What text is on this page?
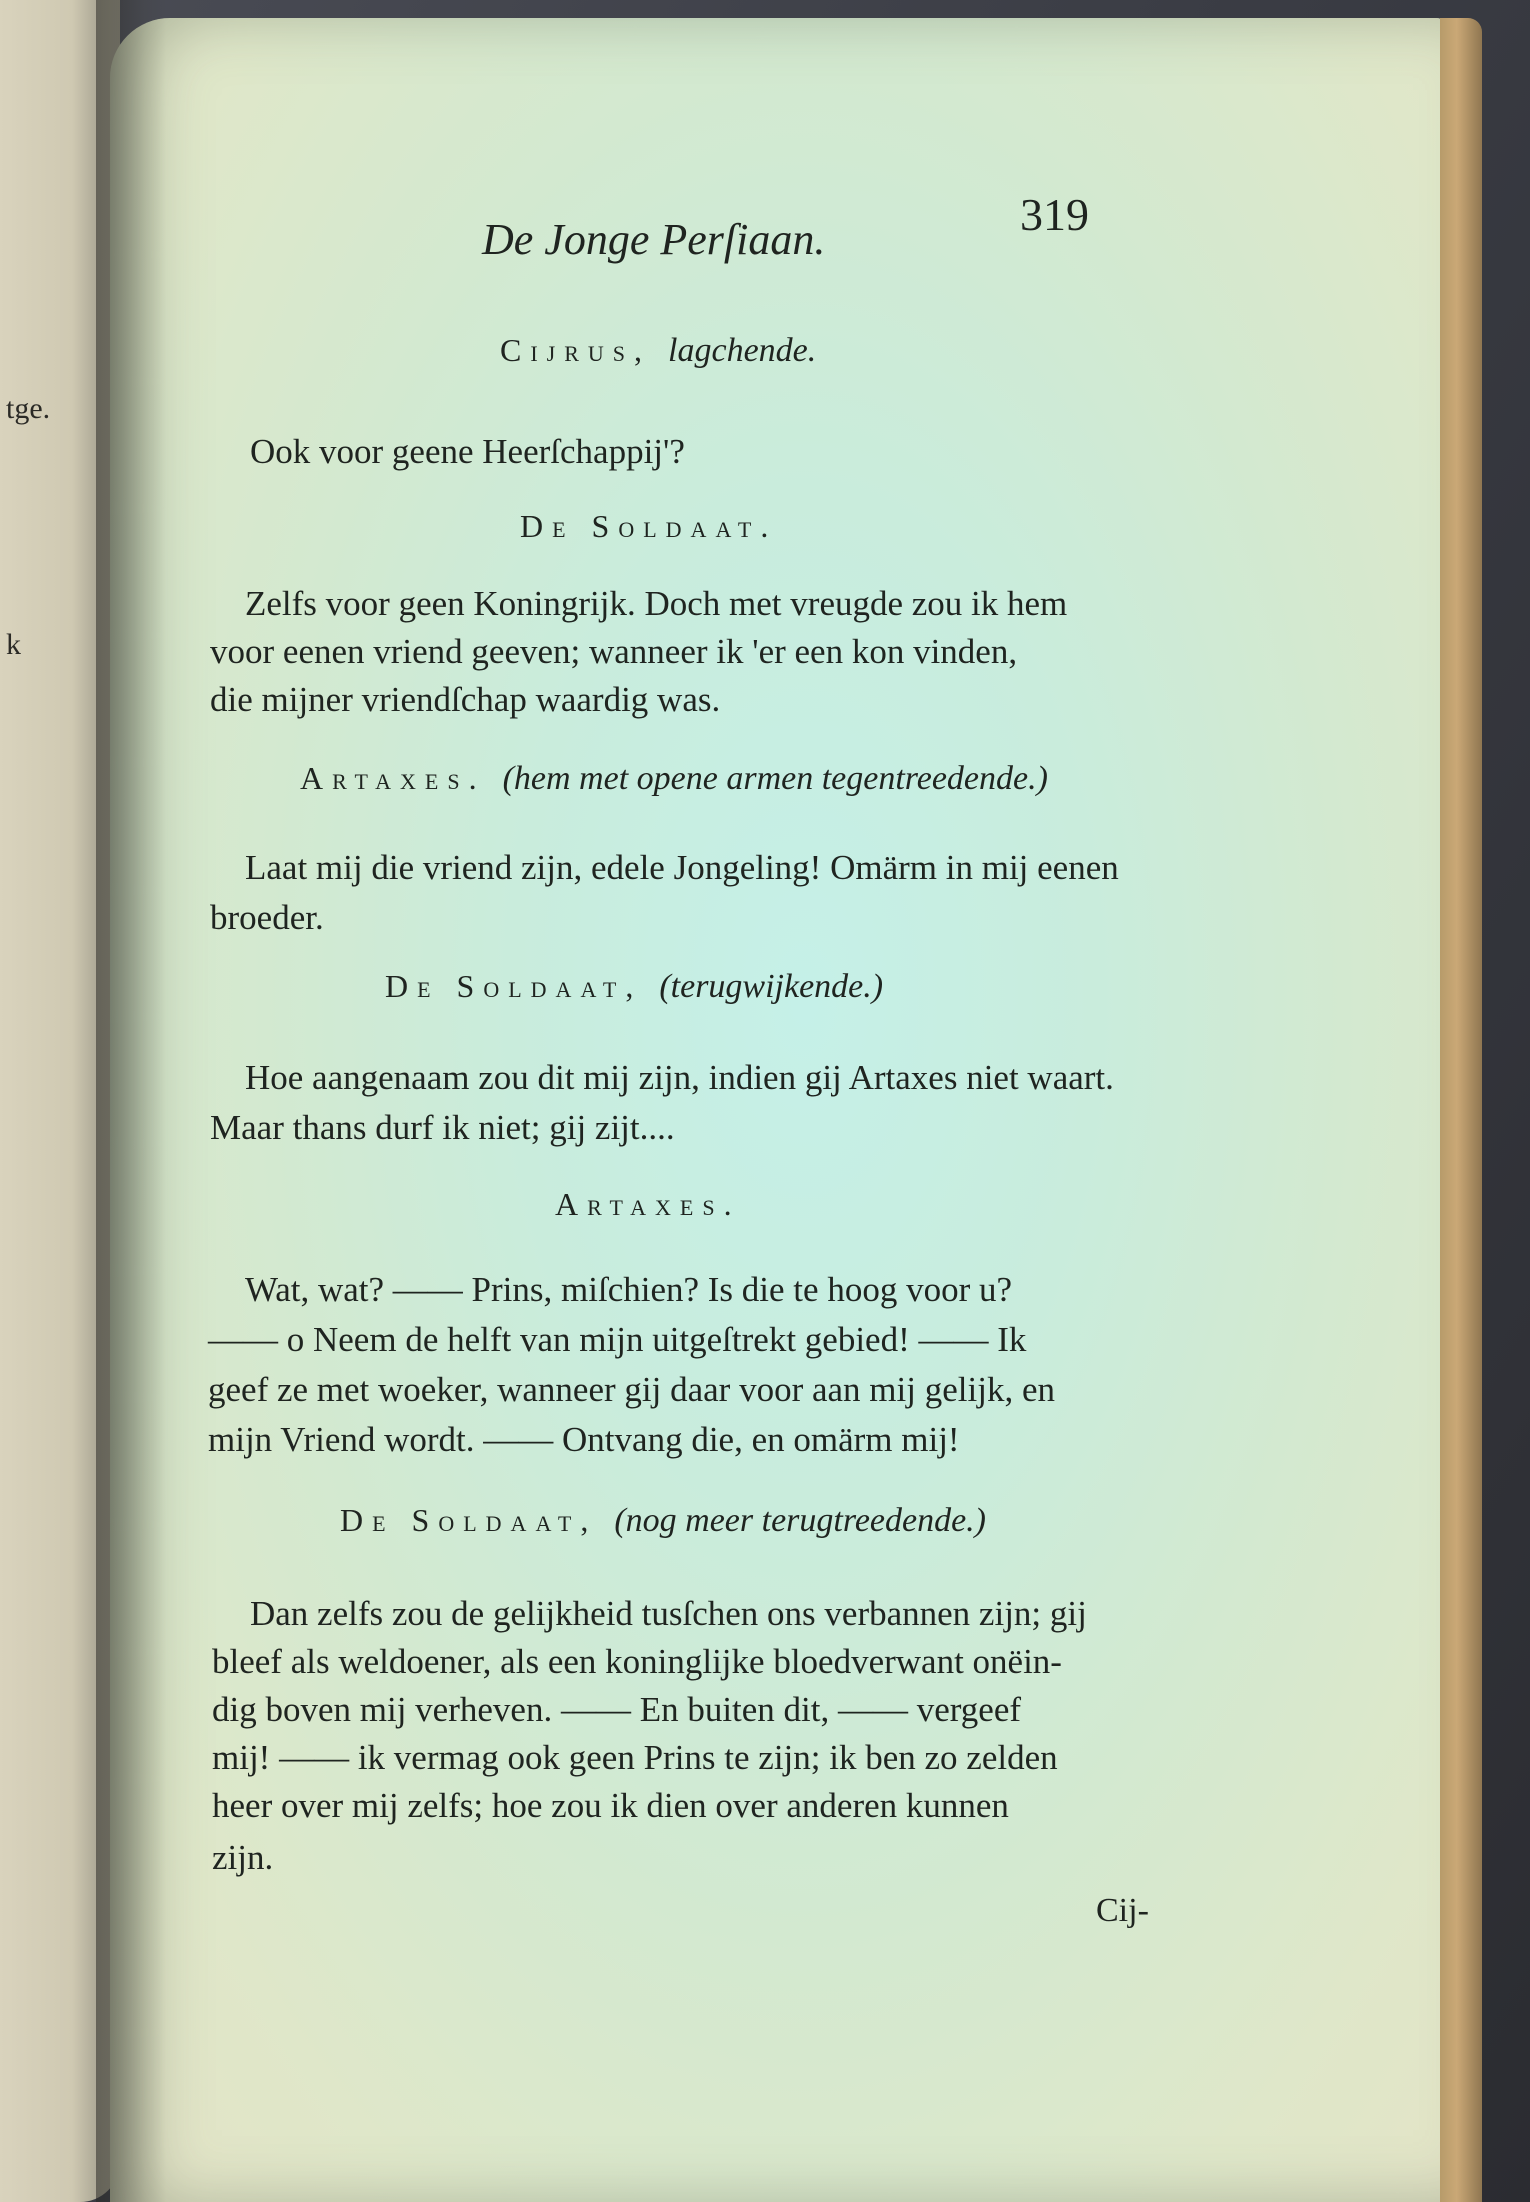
tge.
k
De Jonge Perſiaan.	319
Cijrus, lagchende.
Ook voor geene Heerſchappij'?
De Soldaat.
Zelfs voor geen Koningrijk. Doch met vreugde zou ik hem
voor eenen vriend geeven; wanneer ik 'er een kon vinden,
die mijner vriendſchap waardig was.
Artaxes. (hem met opene armen tegentreedende.)
Laat mij die vriend zijn, edele Jongeling! Omärm in mij eenen
broeder.
De Soldaat, (terugwijkende.)
Hoe aangenaam zou dit mij zijn, indien gij Artaxes niet waart.
Maar thans durf ik niet; gij zijt....
Artaxes.
Wat, wat? —— Prins, miſchien? Is die te hoog voor u?
—— o Neem de helft van mijn uitgeſtrekt gebied! —— Ik
geef ze met woeker, wanneer gij daar voor aan mij gelijk, en
mijn Vriend wordt. —— Ontvang die, en omärm mij!
De Soldaat, (nog meer terugtreedende.)
Dan zelfs zou de gelijkheid tusſchen ons verbannen zijn; gij
bleef als weldoener, als een koninglijke bloedverwant onëin-
dig boven mij verheven. —— En buiten dit, —— vergeef
mij! —— ik vermag ook geen Prins te zijn; ik ben zo zelden
heer over mij zelfs; hoe zou ik dien over anderen kunnen
zijn.
Cij-
